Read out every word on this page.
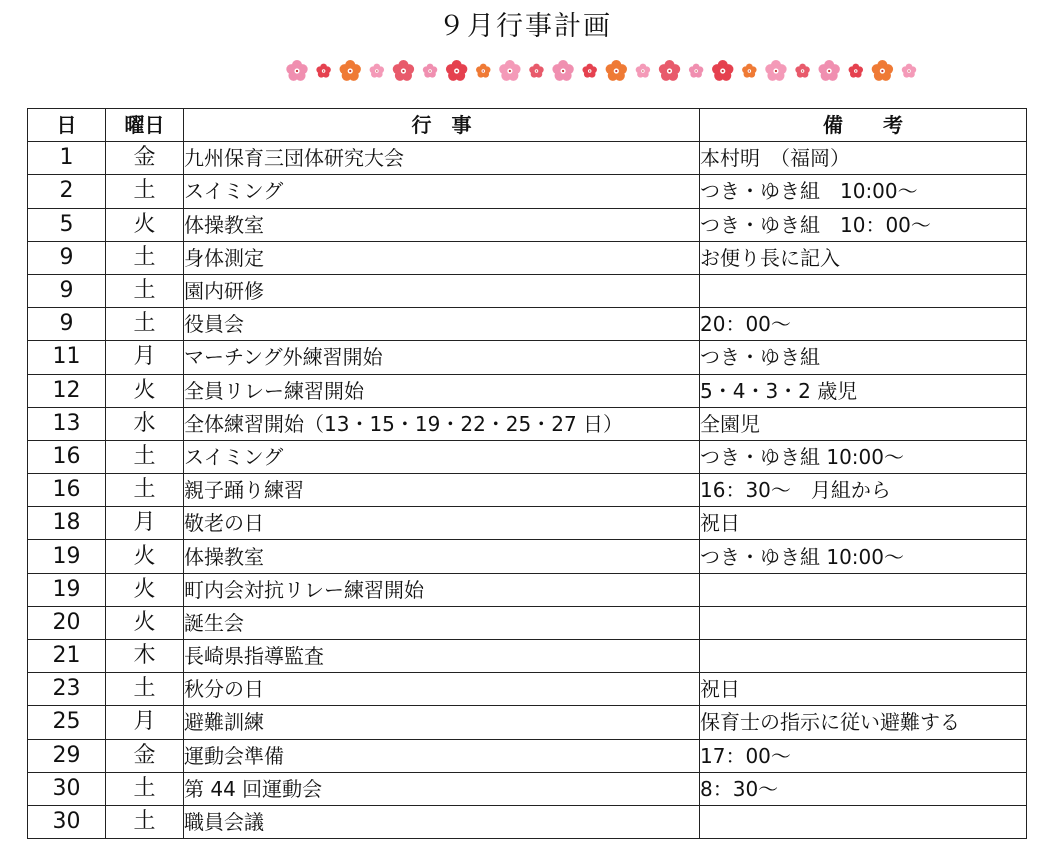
９月行事計画
日	曜日	行　事	備　　考
1	金	九州保育三団体研究大会	本村明　（福岡）
2	土	スイミング	つき・ゆき組　10:00～
5	火	体操教室	つき・ゆき組　10：00～
9	土	身体測定	お便り長に記入
9	土	園内研修	
9	土	役員会	20：00～
11	月	マーチング外練習開始	つき・ゆき組
12	火	全員リレー練習開始	5・4・3・2 歳児
13	水	全体練習開始（13・15・19・22・25・27 日）	全園児
16	土	スイミング	つき・ゆき組 10:00～
16	土	親子踊り練習	16：30～　月組から
18	月	敬老の日	祝日
19	火	体操教室	つき・ゆき組 10:00～
19	火	町内会対抗リレー練習開始	
20	火	誕生会	
21	木	長崎県指導監査	
23	土	秋分の日	祝日
25	月	避難訓練	保育士の指示に従い避難する
29	金	運動会準備	17：00～
30	土	第 44 回運動会	8：30～
30	土	職員会議	
